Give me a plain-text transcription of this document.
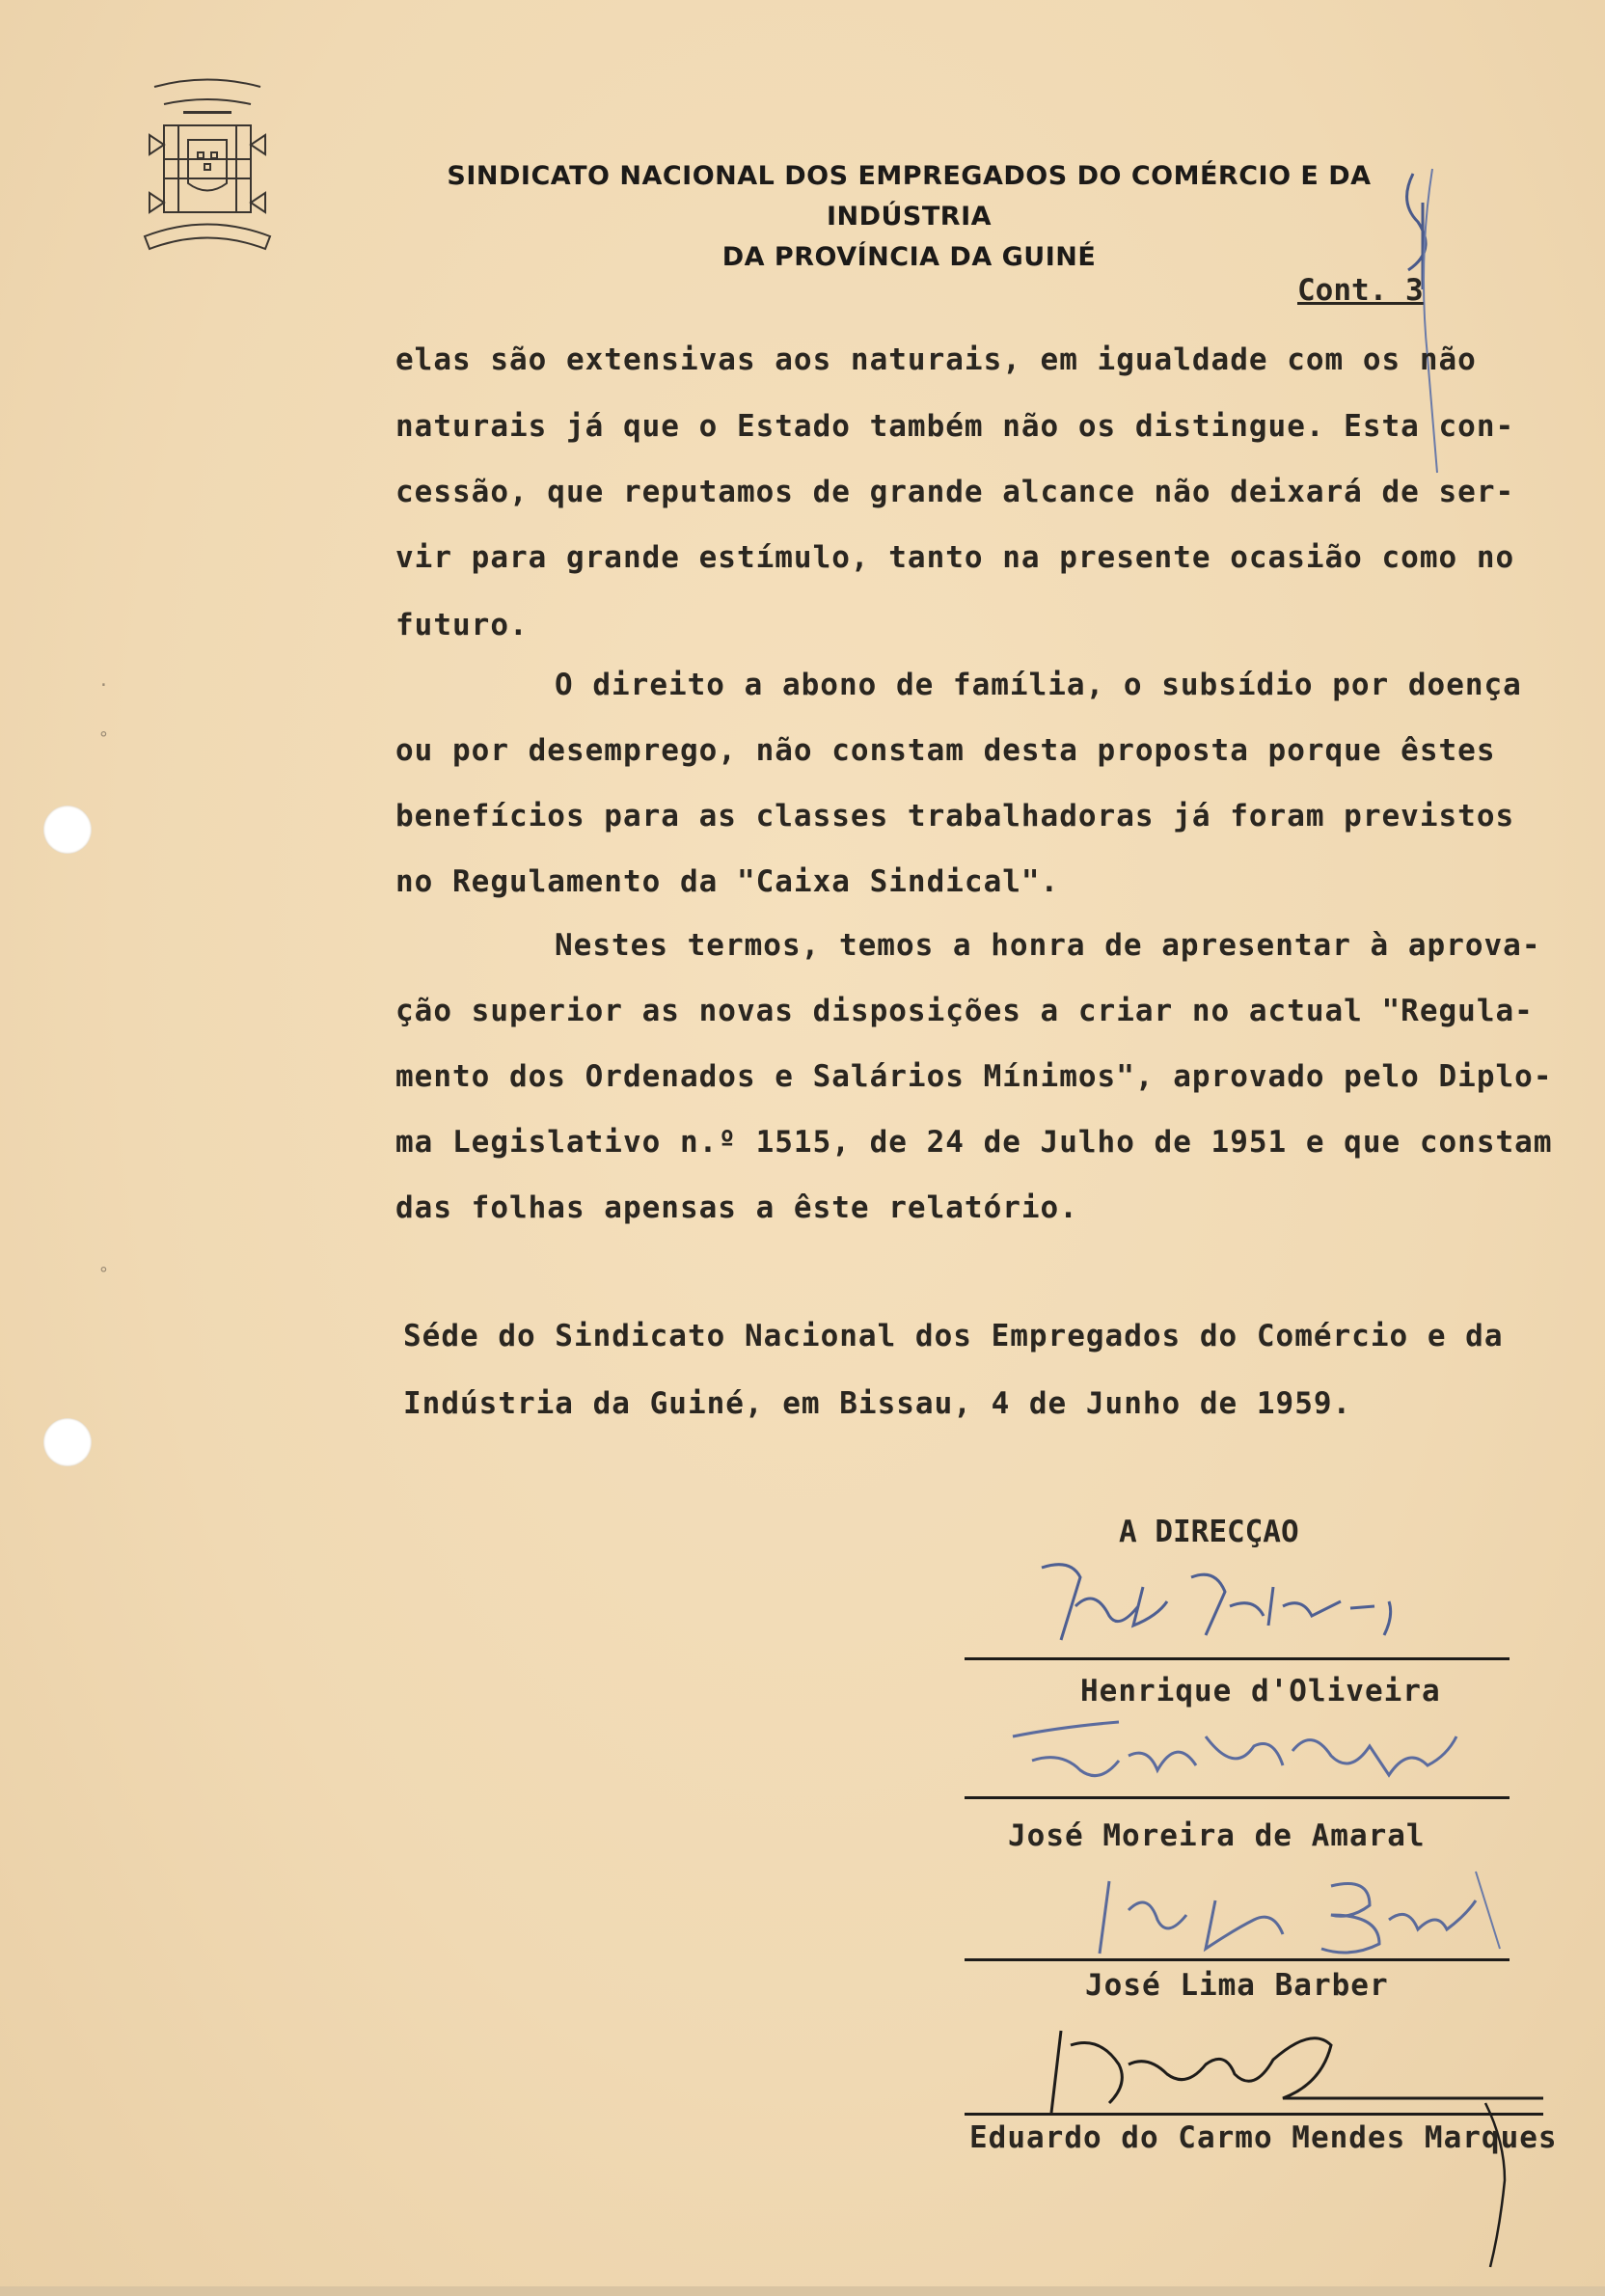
·
°
°
SINDICATO NACIONAL DOS EMPREGADOS DO COMÉRCIO E DA INDÚSTRIA
DA PROVÍNCIA DA GUINÉ
Cont. 3
elas são extensivas aos naturais, em igualdade com os não
naturais já que o Estado também não os distingue. Esta con-
cessão, que reputamos de grande alcance não deixará de ser-
vir para grande estímulo, tanto na presente ocasião como no
futuro.
O direito a abono de família, o subsídio por doença
ou por desemprego, não constam desta proposta porque êstes
benefícios para as classes trabalhadoras já foram previstos
no Regulamento da "Caixa Sindical".
Nestes termos, temos a honra de apresentar à aprova-
ção superior as novas disposições a criar no actual "Regula-
mento dos Ordenados e Salários Mínimos", aprovado pelo Diplo-
ma Legislativo n.º 1515, de 24 de Julho de 1951 e que constam
das folhas apensas a êste relatório.
Séde do Sindicato Nacional dos Empregados do Comércio e da
Indústria da Guiné, em Bissau, 4 de Junho de 1959.
A DIRECÇAO
Henrique d'Oliveira
José Moreira de Amaral
José Lima Barber
Eduardo do Carmo Mendes Marques
